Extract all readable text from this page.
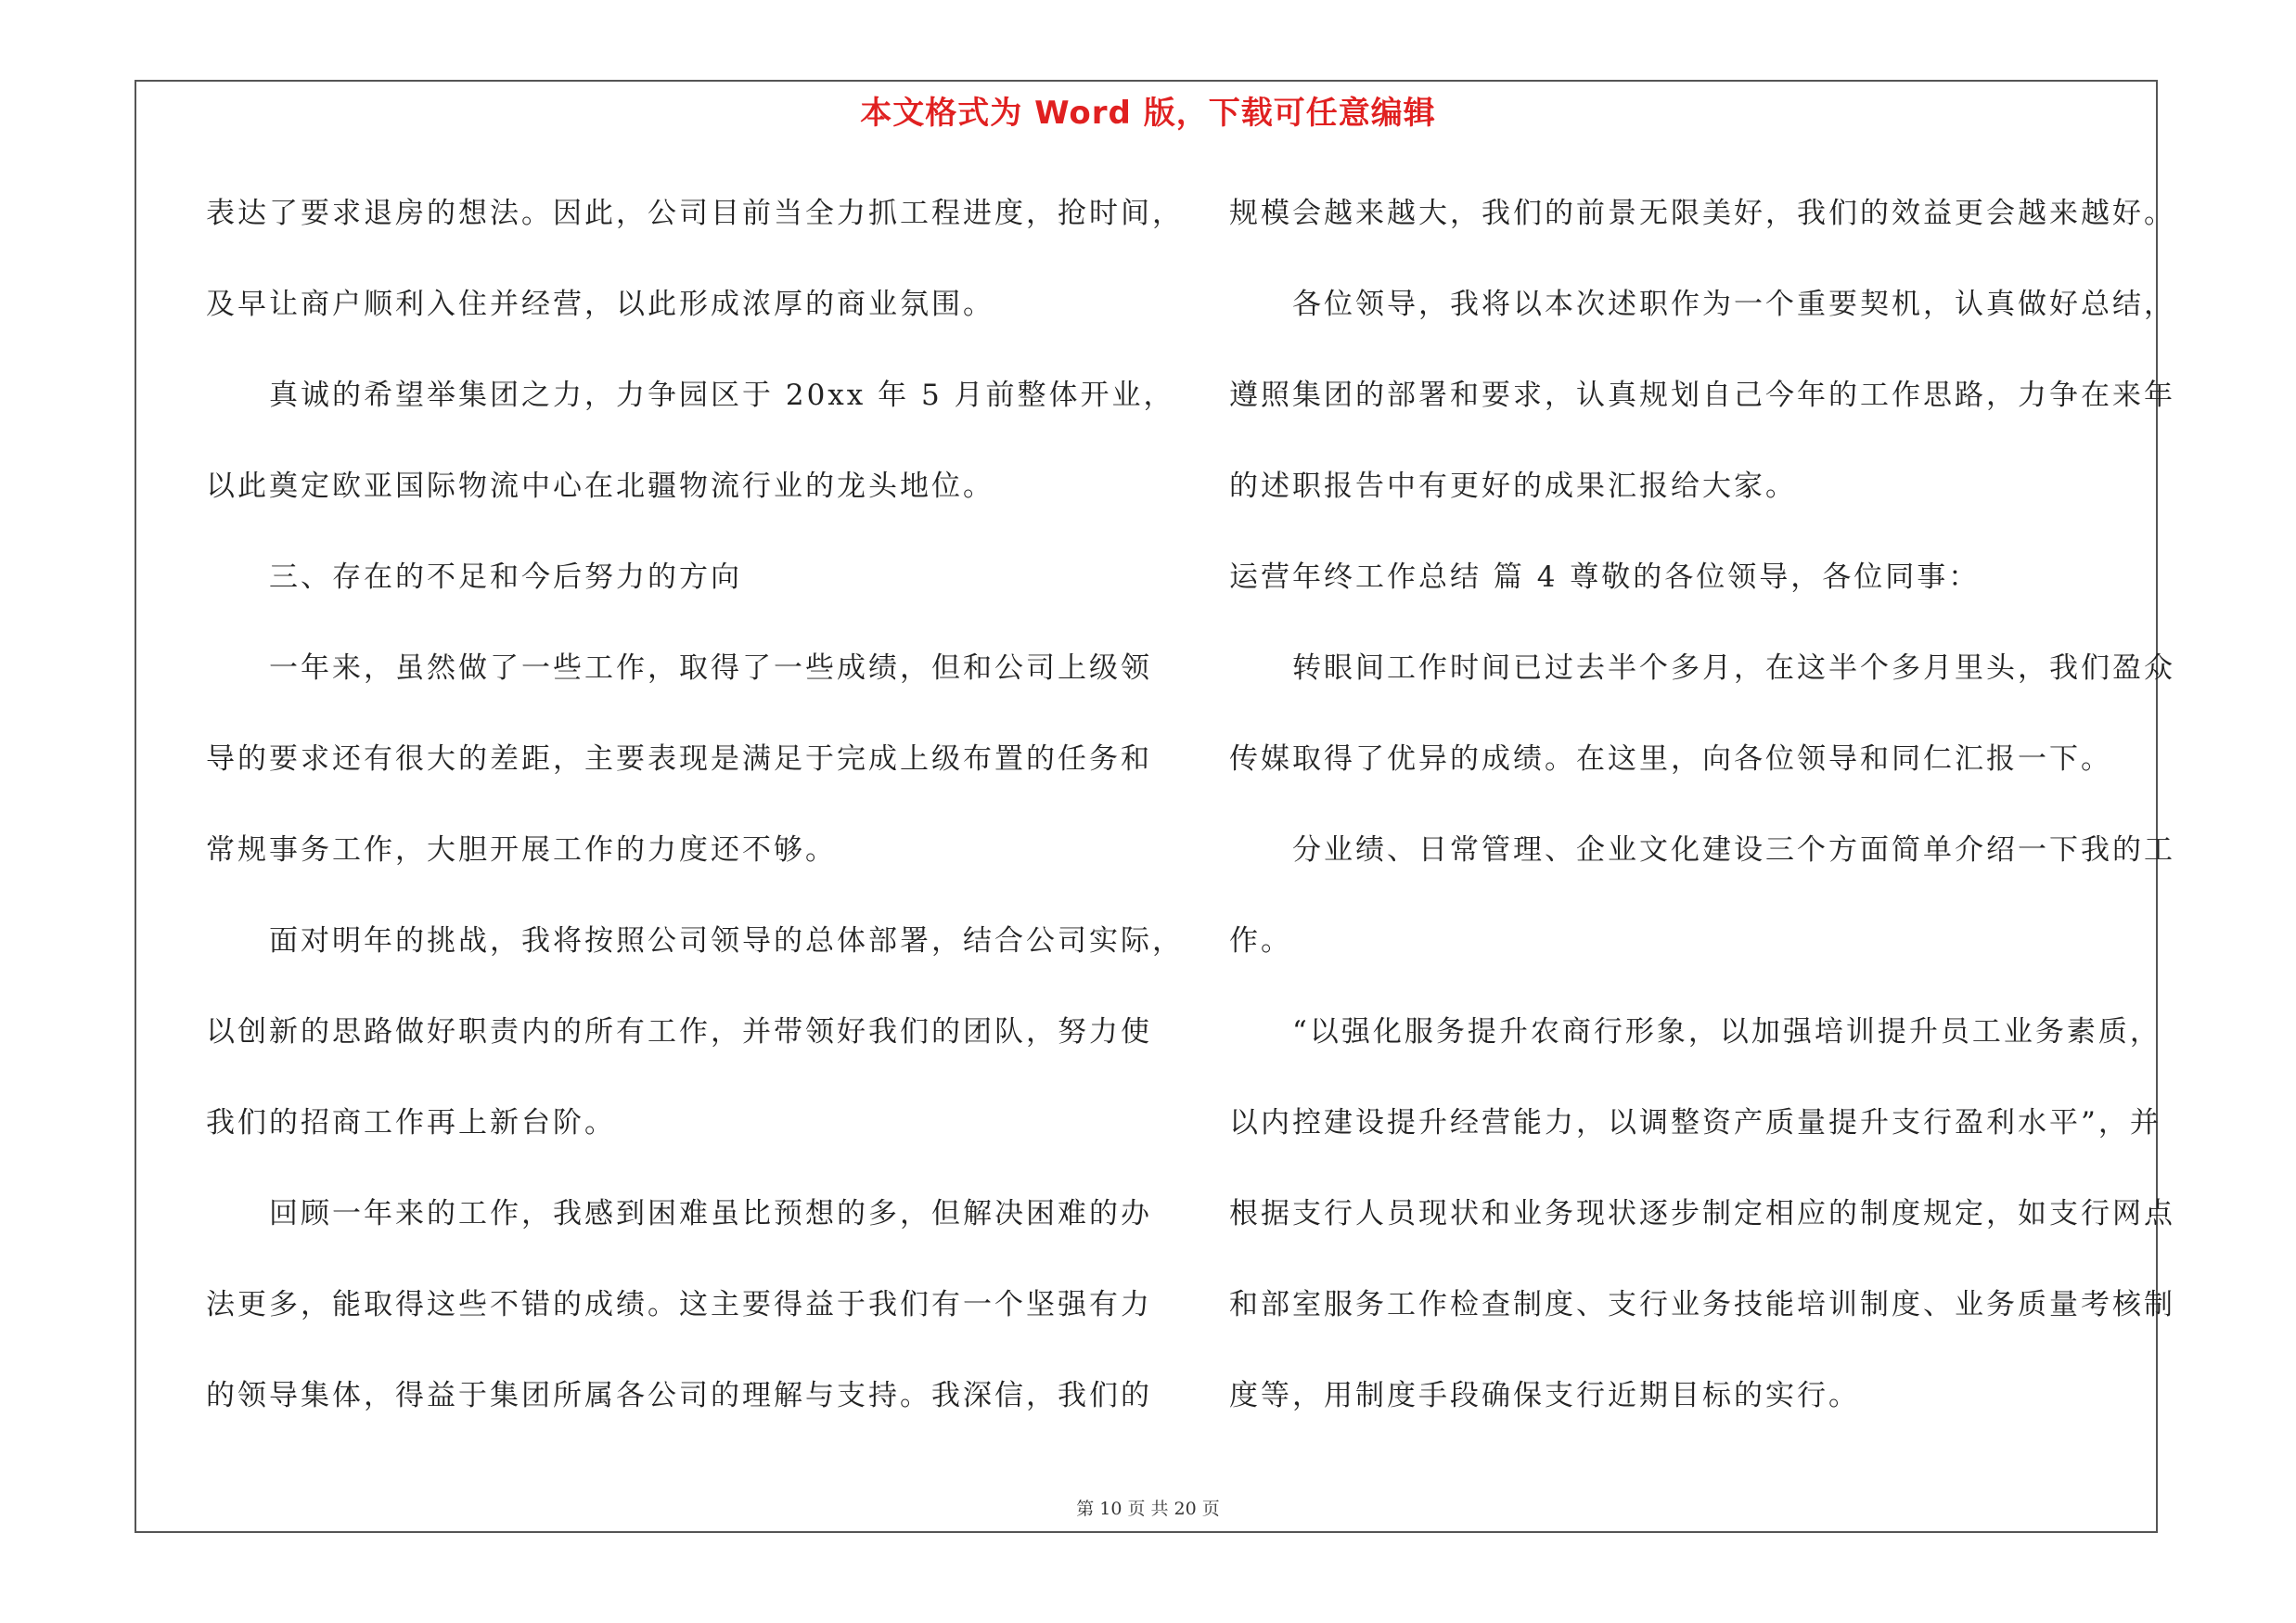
本文格式为 Word 版，下载可任意编辑
表达了要求退房的想法。因此，公司目前当全力抓工程进度，抢时间，
及早让商户顺利入住并经营，以此形成浓厚的商业氛围。
　　真诚的希望举集团之力，力争园区于 20xx 年 5 月前整体开业，
以此奠定欧亚国际物流中心在北疆物流行业的龙头地位。
　　三、存在的不足和今后努力的方向
　　一年来，虽然做了一些工作，取得了一些成绩，但和公司上级领
导的要求还有很大的差距，主要表现是满足于完成上级布置的任务和
常规事务工作，大胆开展工作的力度还不够。
　　面对明年的挑战，我将按照公司领导的总体部署，结合公司实际，
以创新的思路做好职责内的所有工作，并带领好我们的团队，努力使
我们的招商工作再上新台阶。
　　回顾一年来的工作，我感到困难虽比预想的多，但解决困难的办
法更多，能取得这些不错的成绩。这主要得益于我们有一个坚强有力
的领导集体，得益于集团所属各公司的理解与支持。我深信，我们的
规模会越来越大，我们的前景无限美好，我们的效益更会越来越好。
　　各位领导，我将以本次述职作为一个重要契机，认真做好总结，
遵照集团的部署和要求，认真规划自己今年的工作思路，力争在来年
的述职报告中有更好的成果汇报给大家。
运营年终工作总结 篇 4 尊敬的各位领导，各位同事：
　　转眼间工作时间已过去半个多月，在这半个多月里头，我们盈众
传媒取得了优异的成绩。在这里，向各位领导和同仁汇报一下。
　　分业绩、日常管理、企业文化建设三个方面简单介绍一下我的工
作。
　　“以强化服务提升农商行形象，以加强培训提升员工业务素质，
以内控建设提升经营能力，以调整资产质量提升支行盈利水平”，并
根据支行人员现状和业务现状逐步制定相应的制度规定，如支行网点
和部室服务工作检查制度、支行业务技能培训制度、业务质量考核制
度等，用制度手段确保支行近期目标的实行。
第 10 页 共 20 页
